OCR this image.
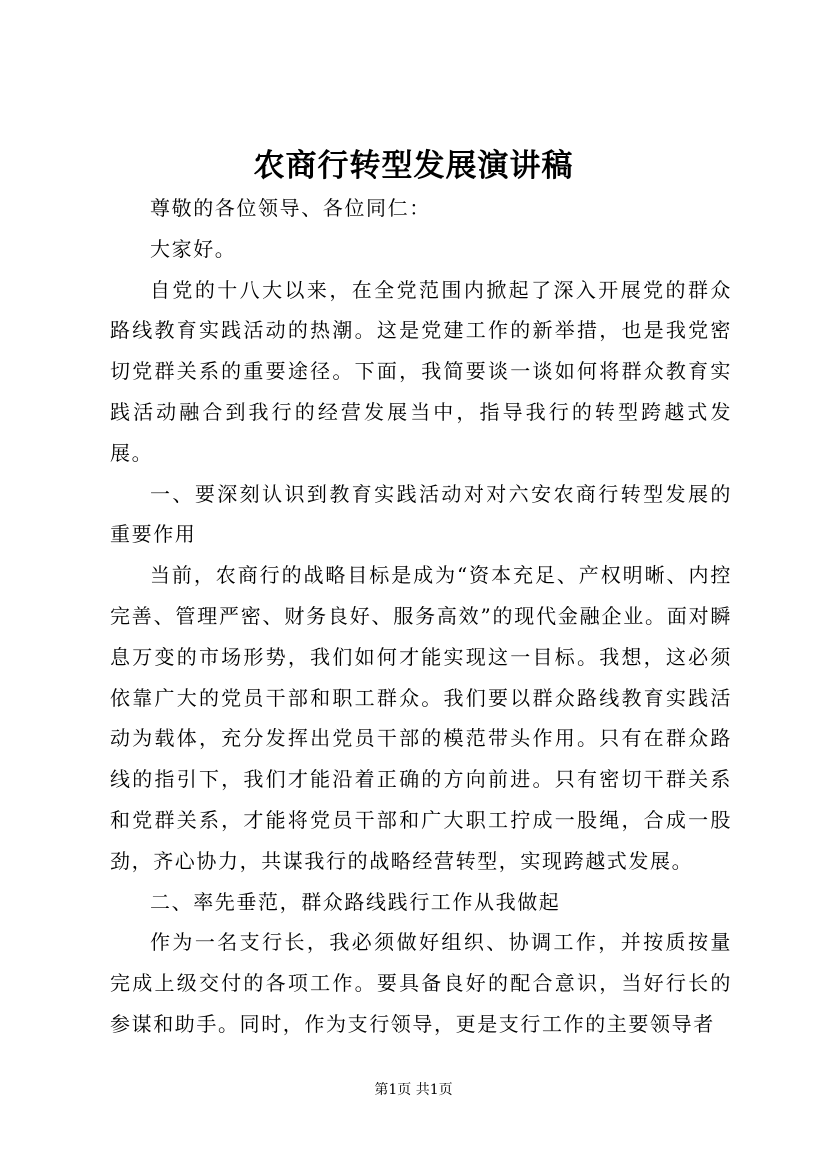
农商行转型发展演讲稿

尊敬的各位领导、各位同仁：

大家好。

自党的十八大以来，在全党范围内掀起了深入开展党的群众路线教育实践活动的热潮。这是党建工作的新举措，也是我党密切党群关系的重要途径。下面，我简要谈一谈如何将群众教育实践活动融合到我行的经营发展当中，指导我行的转型跨越式发展。

一、要深刻认识到教育实践活动对对六安农商行转型发展的重要作用

当前，农商行的战略目标是成为“资本充足、产权明晰、内控完善、管理严密、财务良好、服务高效”的现代金融企业。面对瞬息万变的市场形势，我们如何才能实现这一目标。我想，这必须依靠广大的党员干部和职工群众。我们要以群众路线教育实践活动为载体，充分发挥出党员干部的模范带头作用。只有在群众路线的指引下，我们才能沿着正确的方向前进。只有密切干群关系和党群关系，才能将党员干部和广大职工拧成一股绳，合成一股劲，齐心协力，共谋我行的战略经营转型，实现跨越式发展。

二、率先垂范，群众路线践行工作从我做起

作为一名支行长，我必须做好组织、协调工作，并按质按量完成上级交付的各项工作。要具备良好的配合意识，当好行长的参谋和助手。同时，作为支行领导，更是支行工作的主要领导者

第1页 共1页
